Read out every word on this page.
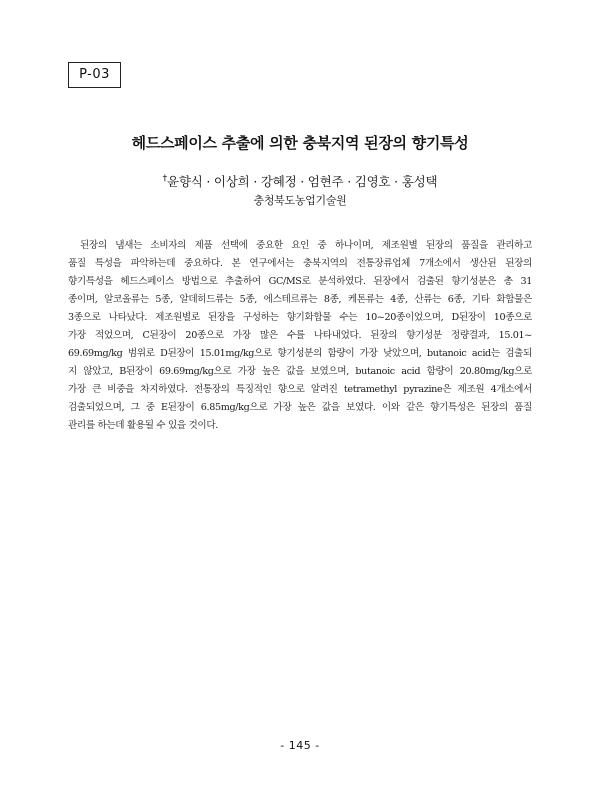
P-03
헤드스페이스 추출에 의한 충북지역 된장의 향기특성
†윤향식 · 이상희 · 강혜정 · 엄현주 · 김영호 · 홍성택
충청북도농업기술원
된장의 냄새는 소비자의 제품 선택에 중요한 요인 중 하나이며, 제조원별 된장의 품질을 관리하고
품질 특성을 파악하는데 중요하다. 본 연구에서는 충북지역의 전통장류업체 7개소에서 생산된 된장의
향기특성을 헤드스페이스 방법으로 추출하여 GC/MS로 분석하였다. 된장에서 검출된 향기성분은 총 31
종이며, 알코올류는 5종, 알데히드류는 5종, 에스테르류는 8종, 케톤류는 4종, 산류는 6종, 기타 화합물은
3종으로 나타났다. 제조원별로 된장을 구성하는 향기화합물 수는 10~20종이었으며, D된장이 10종으로
가장 적었으며, C된장이 20종으로 가장 많은 수를 나타내었다. 된장의 향기성분 정량결과, 15.01~
69.69mg/kg 범위로 D된장이 15.01mg/kg으로 향기성분의 함량이 가장 낮았으며, butanoic acid는 검출되
지 않았고, B된장이 69.69mg/kg으로 가장 높은 값을 보였으며, butanoic acid 함량이 20.80mg/kg으로
가장 큰 비중을 차지하였다. 전통장의 특징적인 향으로 알려진 tetramethyl pyrazine은 제조원 4개소에서
검출되었으며, 그 중 E된장이 6.85mg/kg으로 가장 높은 값을 보였다. 이와 같은 향기특성은 된장의 품질
관리를 하는데 활용될 수 있을 것이다.
- 145 -
